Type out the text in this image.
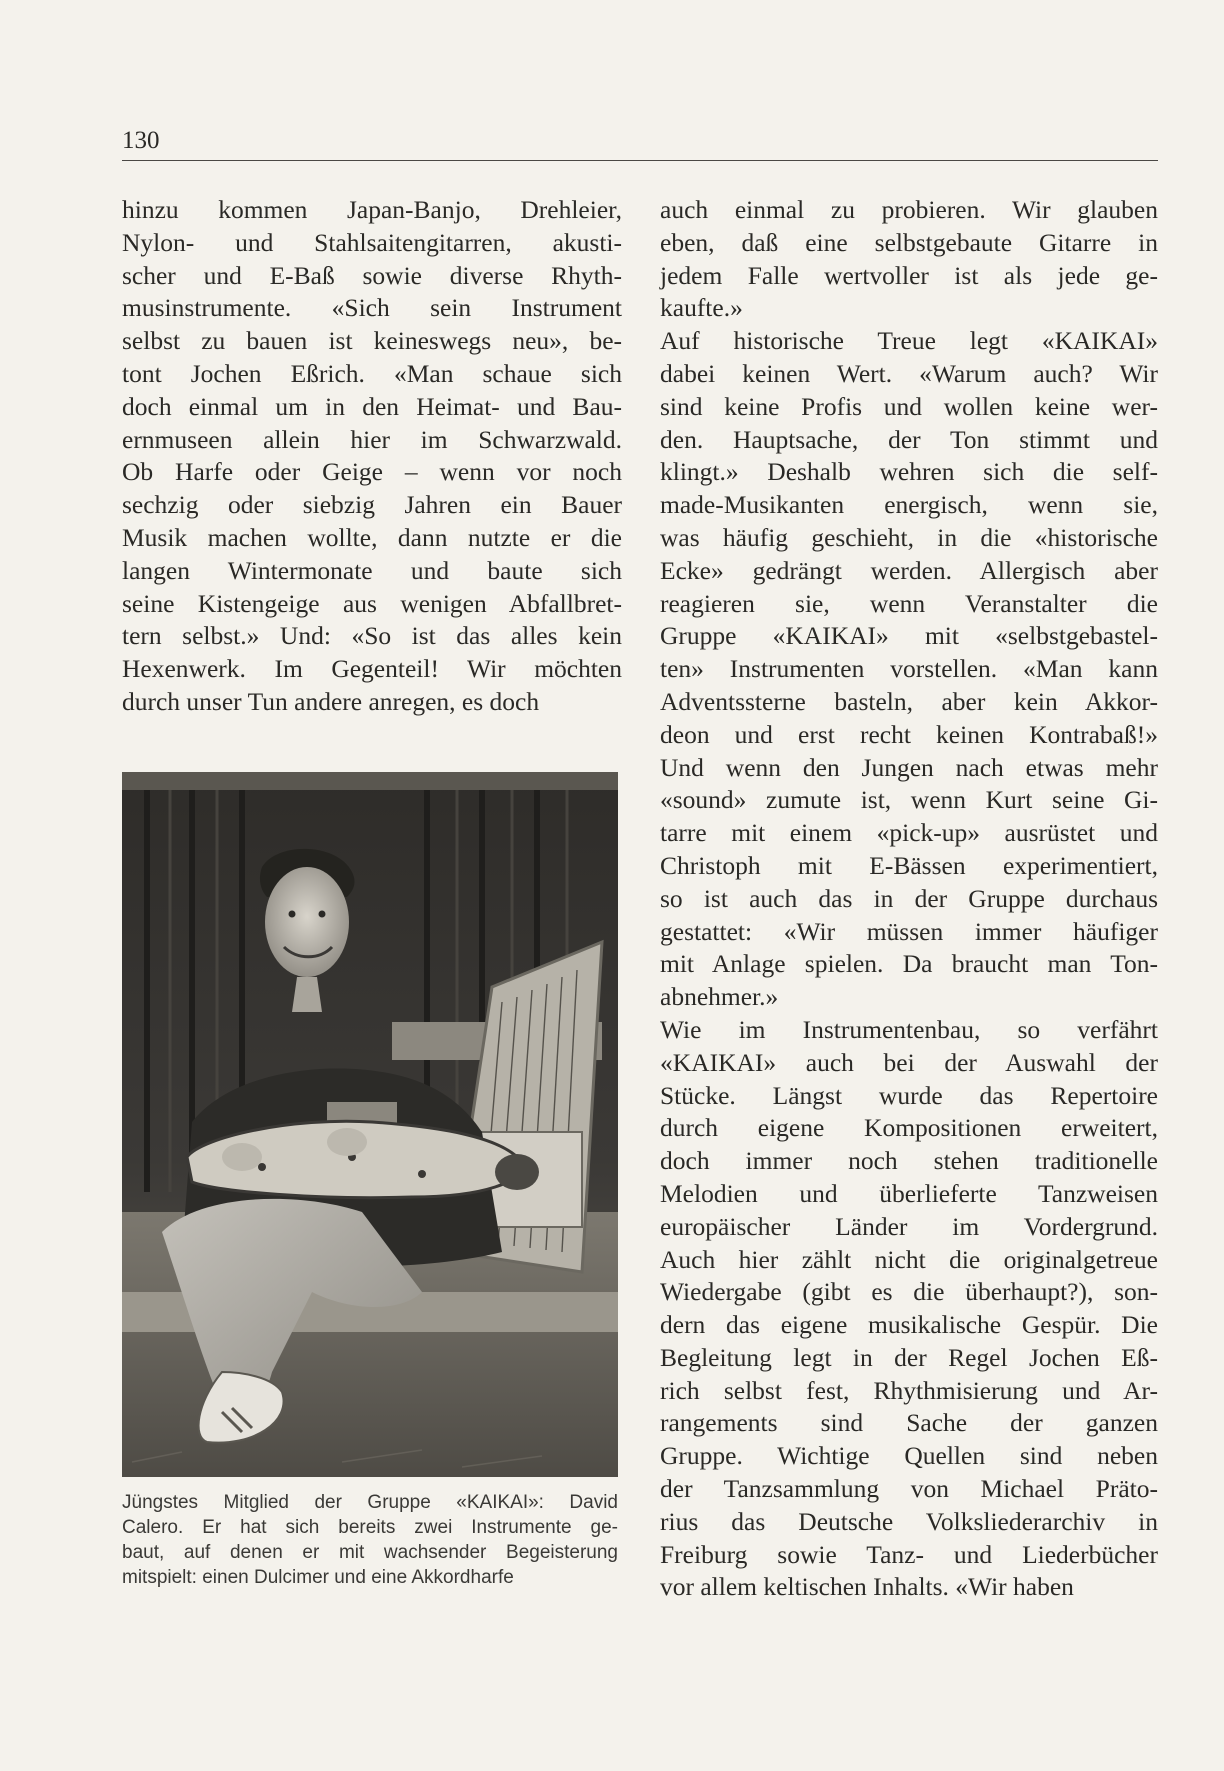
130
hinzu kommen Japan-Banjo, Drehleier,
Nylon- und Stahlsaitengitarren, akusti-
scher und E-Baß sowie diverse Rhyth-
musinstrumente. «Sich sein Instrument
selbst zu bauen ist keineswegs neu», be-
tont Jochen Eßrich. «Man schaue sich
doch einmal um in den Heimat- und Bau-
ernmuseen allein hier im Schwarzwald.
Ob Harfe oder Geige – wenn vor noch
sechzig oder siebzig Jahren ein Bauer
Musik machen wollte, dann nutzte er die
langen Wintermonate und baute sich
seine Kistengeige aus wenigen Abfallbret-
tern selbst.» Und: «So ist das alles kein
Hexenwerk. Im Gegenteil! Wir möchten
durch unser Tun andere anregen, es doch
Jüngstes Mitglied der Gruppe «KAIKAI»: David
Calero. Er hat sich bereits zwei Instrumente ge-
baut, auf denen er mit wachsender Begeisterung
mitspielt: einen Dulcimer und eine Akkordharfe
auch einmal zu probieren. Wir glauben
eben, daß eine selbstgebaute Gitarre in
jedem Falle wertvoller ist als jede ge-
kaufte.»
Auf historische Treue legt «KAIKAI»
dabei keinen Wert. «Warum auch? Wir
sind keine Profis und wollen keine wer-
den. Hauptsache, der Ton stimmt und
klingt.» Deshalb wehren sich die self-
made-Musikanten energisch, wenn sie,
was häufig geschieht, in die «historische
Ecke» gedrängt werden. Allergisch aber
reagieren sie, wenn Veranstalter die
Gruppe «KAIKAI» mit «selbstgebastel-
ten» Instrumenten vorstellen. «Man kann
Adventssterne basteln, aber kein Akkor-
deon und erst recht keinen Kontrabaß!»
Und wenn den Jungen nach etwas mehr
«sound» zumute ist, wenn Kurt seine Gi-
tarre mit einem «pick-up» ausrüstet und
Christoph mit E-Bässen experimentiert,
so ist auch das in der Gruppe durchaus
gestattet: «Wir müssen immer häufiger
mit Anlage spielen. Da braucht man Ton-
abnehmer.»
Wie im Instrumentenbau, so verfährt
«KAIKAI» auch bei der Auswahl der
Stücke. Längst wurde das Repertoire
durch eigene Kompositionen erweitert,
doch immer noch stehen traditionelle
Melodien und überlieferte Tanzweisen
europäischer Länder im Vordergrund.
Auch hier zählt nicht die originalgetreue
Wiedergabe (gibt es die überhaupt?), son-
dern das eigene musikalische Gespür. Die
Begleitung legt in der Regel Jochen Eß-
rich selbst fest, Rhythmisierung und Ar-
rangements sind Sache der ganzen
Gruppe. Wichtige Quellen sind neben
der Tanzsammlung von Michael Präto-
rius das Deutsche Volksliederarchiv in
Freiburg sowie Tanz- und Liederbücher
vor allem keltischen Inhalts. «Wir haben
